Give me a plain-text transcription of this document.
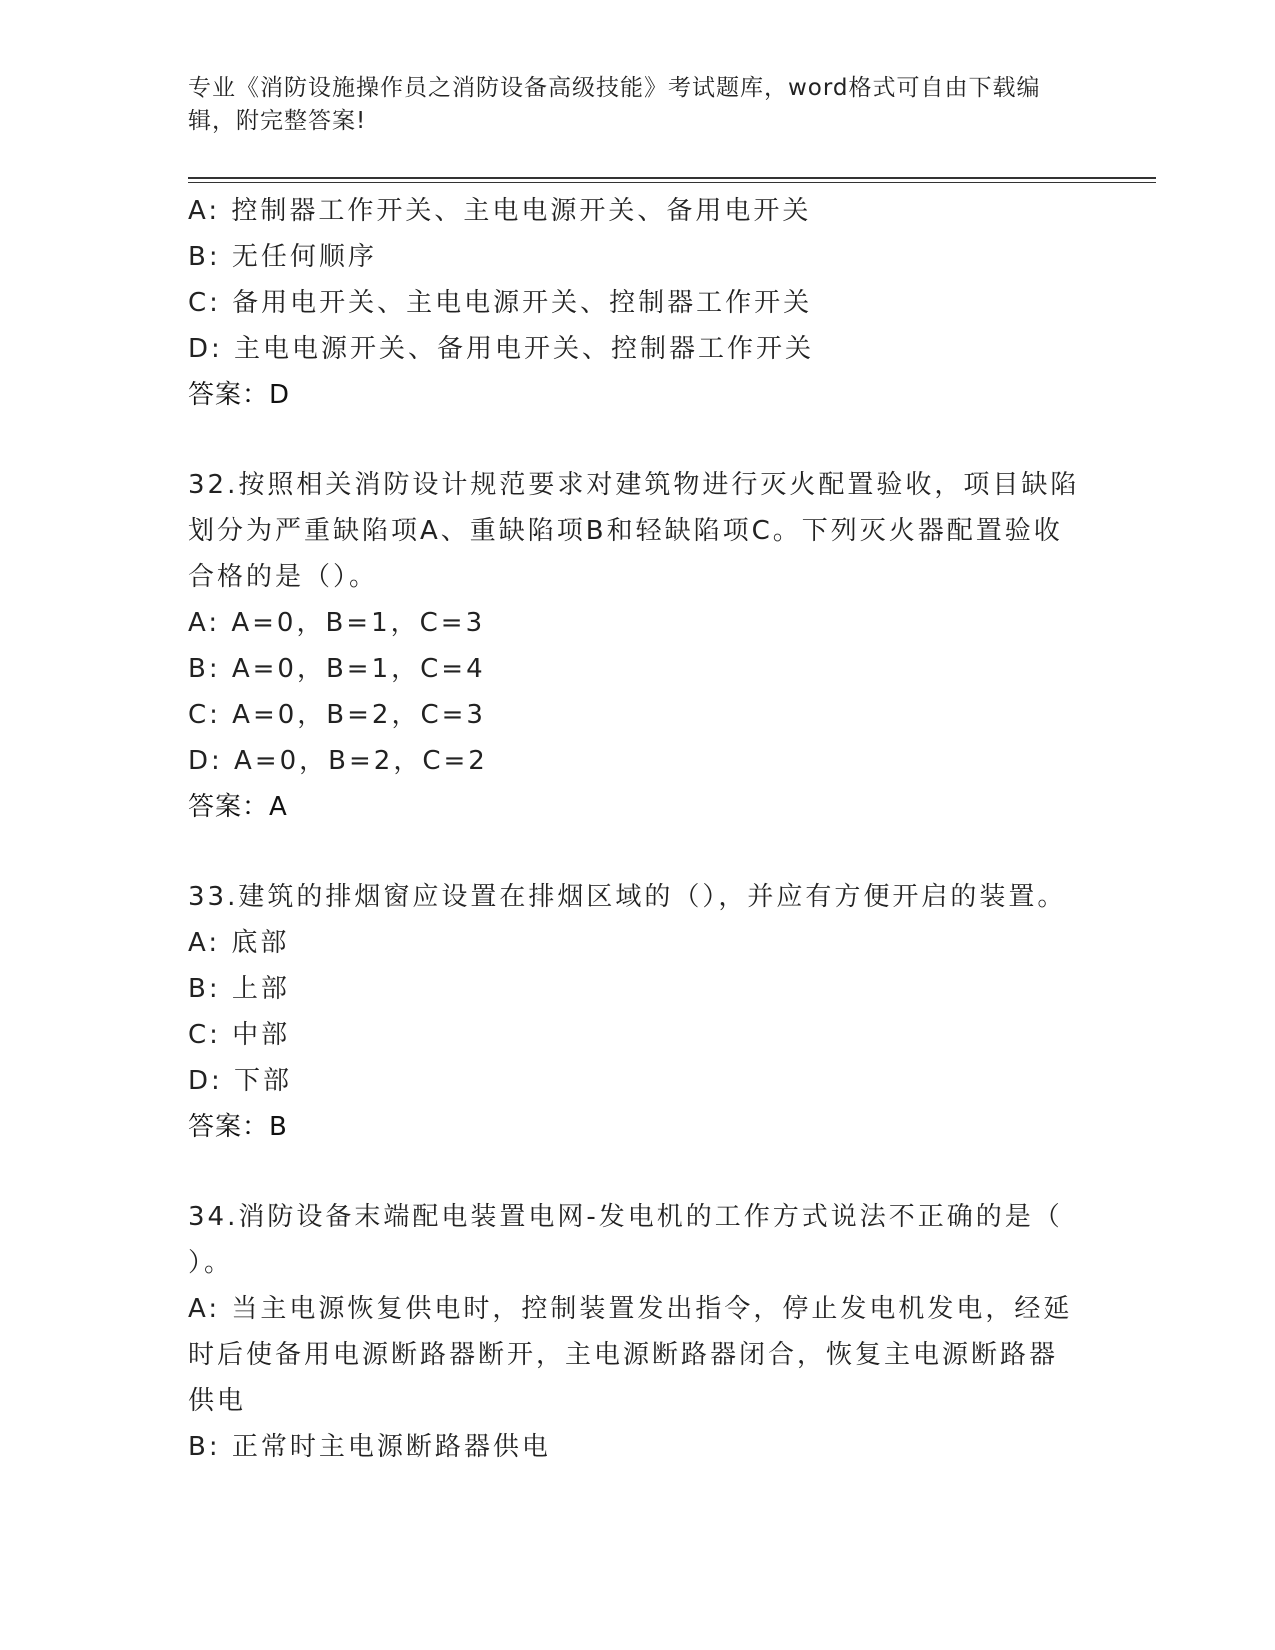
专业《消防设施操作员之消防设备高级技能》考试题库，word格式可自由下载编
辑，附完整答案!
A: 控制器工作开关、主电电源开关、备用电开关
B: 无任何顺序
C: 备用电开关、主电电源开关、控制器工作开关
D: 主电电源开关、备用电开关、控制器工作开关
答案：D
32.按照相关消防设计规范要求对建筑物进行灭火配置验收，项目缺陷
划分为严重缺陷项A、重缺陷项B和轻缺陷项C。下列灭火器配置验收
合格的是（）。
A: A=0，B=1，C=3
B: A=0，B=1，C=4
C: A=0，B=2，C=3
D: A=0，B=2，C=2
答案：A
33.建筑的排烟窗应设置在排烟区域的（），并应有方便开启的装置。
A: 底部
B: 上部
C: 中部
D: 下部
答案：B
34.消防设备末端配电装置电网-发电机的工作方式说法不正确的是（
）。
A: 当主电源恢复供电时，控制装置发出指令，停止发电机发电，经延
时后使备用电源断路器断开，主电源断路器闭合，恢复主电源断路器
供电
B: 正常时主电源断路器供电
